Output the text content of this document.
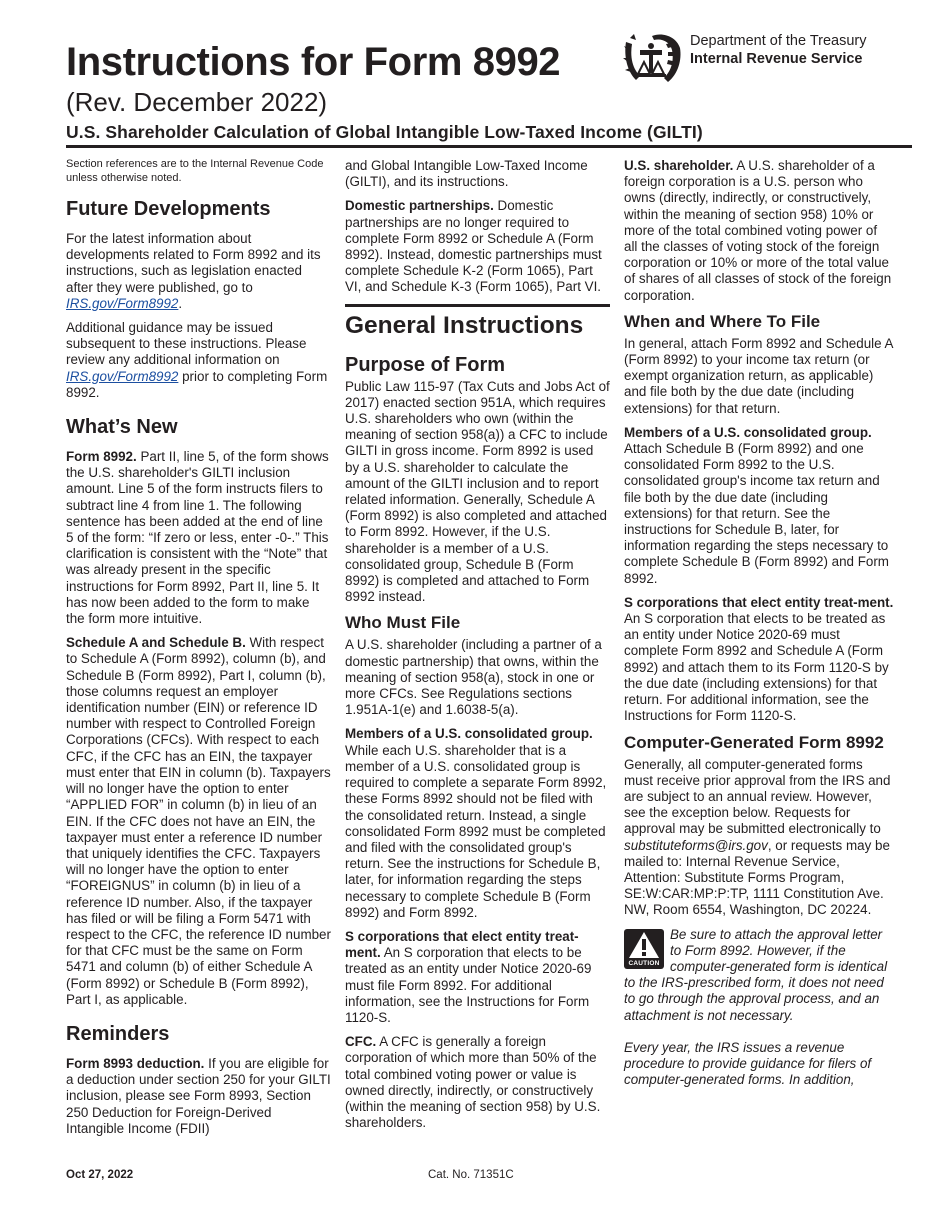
Instructions for Form 8992
(Rev. December 2022)
U.S. Shareholder Calculation of Global Intangible Low-Taxed Income (GILTI)
Department of the Treasury
Internal Revenue Service

Section references are to the Internal Revenue Code unless otherwise noted.

Future Developments

For the latest information about developments related to Form 8992 and its instructions, such as legislation enacted after they were published, go to IRS.gov/Form8992.

Additional guidance may be issued subsequent to these instructions. Please review any additional information on IRS.gov/Form8992 prior to completing Form 8992.

What’s New

Form 8992. Part II, line 5, of the form shows the U.S. shareholder's GILTI inclusion amount. Line 5 of the form instructs filers to subtract line 4 from line 1. The following sentence has been added at the end of line 5 of the form: “If zero or less, enter -0-.” This clarification is consistent with the “Note” that was already present in the specific instructions for Form 8992, Part II, line 5. It has now been added to the form to make the form more intuitive.

Schedule A and Schedule B. With respect to Schedule A (Form 8992), column (b), and Schedule B (Form 8992), Part I, column (b), those columns request an employer identification number (EIN) or reference ID number with respect to Controlled Foreign Corporations (CFCs). With respect to each CFC, if the CFC has an EIN, the taxpayer must enter that EIN in column (b). Taxpayers will no longer have the option to enter “APPLIED FOR” in column (b) in lieu of an EIN. If the CFC does not have an EIN, the taxpayer must enter a reference ID number that uniquely identifies the CFC. Taxpayers will no longer have the option to enter “FOREIGNUS” in column (b) in lieu of a reference ID number. Also, if the taxpayer has filed or will be filing a Form 5471 with respect to the CFC, the reference ID number for that CFC must be the same on Form 5471 and column (b) of either Schedule A (Form 8992) or Schedule B (Form 8992), Part I, as applicable.

Reminders

Form 8993 deduction. If you are eligible for a deduction under section 250 for your GILTI inclusion, please see Form 8993, Section 250 Deduction for Foreign-Derived Intangible Income (FDII)

and Global Intangible Low-Taxed Income (GILTI), and its instructions.

Domestic partnerships. Domestic partnerships are no longer required to complete Form 8992 or Schedule A (Form 8992). Instead, domestic partnerships must complete Schedule K-2 (Form 1065), Part VI, and Schedule K-3 (Form 1065), Part VI.

General Instructions
Purpose of Form

Public Law 115-97 (Tax Cuts and Jobs Act of 2017) enacted section 951A, which requires U.S. shareholders who own (within the meaning of section 958(a)) a CFC to include GILTI in gross income. Form 8992 is used by a U.S. shareholder to calculate the amount of the GILTI inclusion and to report related information. Generally, Schedule A (Form 8992) is also completed and attached to Form 8992. However, if the U.S. shareholder is a member of a U.S. consolidated group, Schedule B (Form 8992) is completed and attached to Form 8992 instead.

Who Must File

A U.S. shareholder (including a partner of a domestic partnership) that owns, within the meaning of section 958(a), stock in one or more CFCs. See Regulations sections 1.951A-1(e) and 1.6038-5(a).

Members of a U.S. consolidated group. While each U.S. shareholder that is a member of a U.S. consolidated group is required to complete a separate Form 8992, these Forms 8992 should not be filed with the consolidated return. Instead, a single consolidated Form 8992 must be completed and filed with the consolidated group's return. See the instructions for Schedule B, later, for information regarding the steps necessary to complete Schedule B (Form 8992) and Form 8992.

S corporations that elect entity treat-ment. An S corporation that elects to be treated as an entity under Notice 2020-69 must file Form 8992. For additional information, see the Instructions for Form 1120-S.

CFC. A CFC is generally a foreign corporation of which more than 50% of the total combined voting power or value is owned directly, indirectly, or constructively (within the meaning of section 958) by U.S. shareholders.

U.S. shareholder. A U.S. shareholder of a foreign corporation is a U.S. person who owns (directly, indirectly, or constructively, within the meaning of section 958) 10% or more of the total combined voting power of all the classes of voting stock of the foreign corporation or 10% or more of the total value of shares of all classes of stock of the foreign corporation.

When and Where To File

In general, attach Form 8992 and Schedule A (Form 8992) to your income tax return (or exempt organization return, as applicable) and file both by the due date (including extensions) for that return.

Members of a U.S. consolidated group. Attach Schedule B (Form 8992) and one consolidated Form 8992 to the U.S. consolidated group's income tax return and file both by the due date (including extensions) for that return. See the instructions for Schedule B, later, for information regarding the steps necessary to complete Schedule B (Form 8992) and Form 8992.

S corporations that elect entity treat-ment. An S corporation that elects to be treated as an entity under Notice 2020-69 must complete Form 8992 and Schedule A (Form 8992) and attach them to its Form 1120-S by the due date (including extensions) for that return. For additional information, see the Instructions for Form 1120-S.

Computer-Generated Form 8992

Generally, all computer-generated forms must receive prior approval from the IRS and are subject to an annual review. However, see the exception below. Requests for approval may be submitted electronically to substituteforms@irs.gov, or requests may be mailed to: Internal Revenue Service, Attention: Substitute Forms Program, SE:W:CAR:MP:P:TP, 1111 Constitution Ave. NW, Room 6554, Washington, DC 20224.

CAUTION

Be sure to attach the approval letter to Form 8992. However, if the computer-generated form is identical to the IRS-prescribed form, it does not need to go through the approval process, and an attachment is not necessary.

Every year, the IRS issues a revenue procedure to provide guidance for filers of computer-generated forms. In addition,

Oct 27, 2022	Cat. No. 71351C
